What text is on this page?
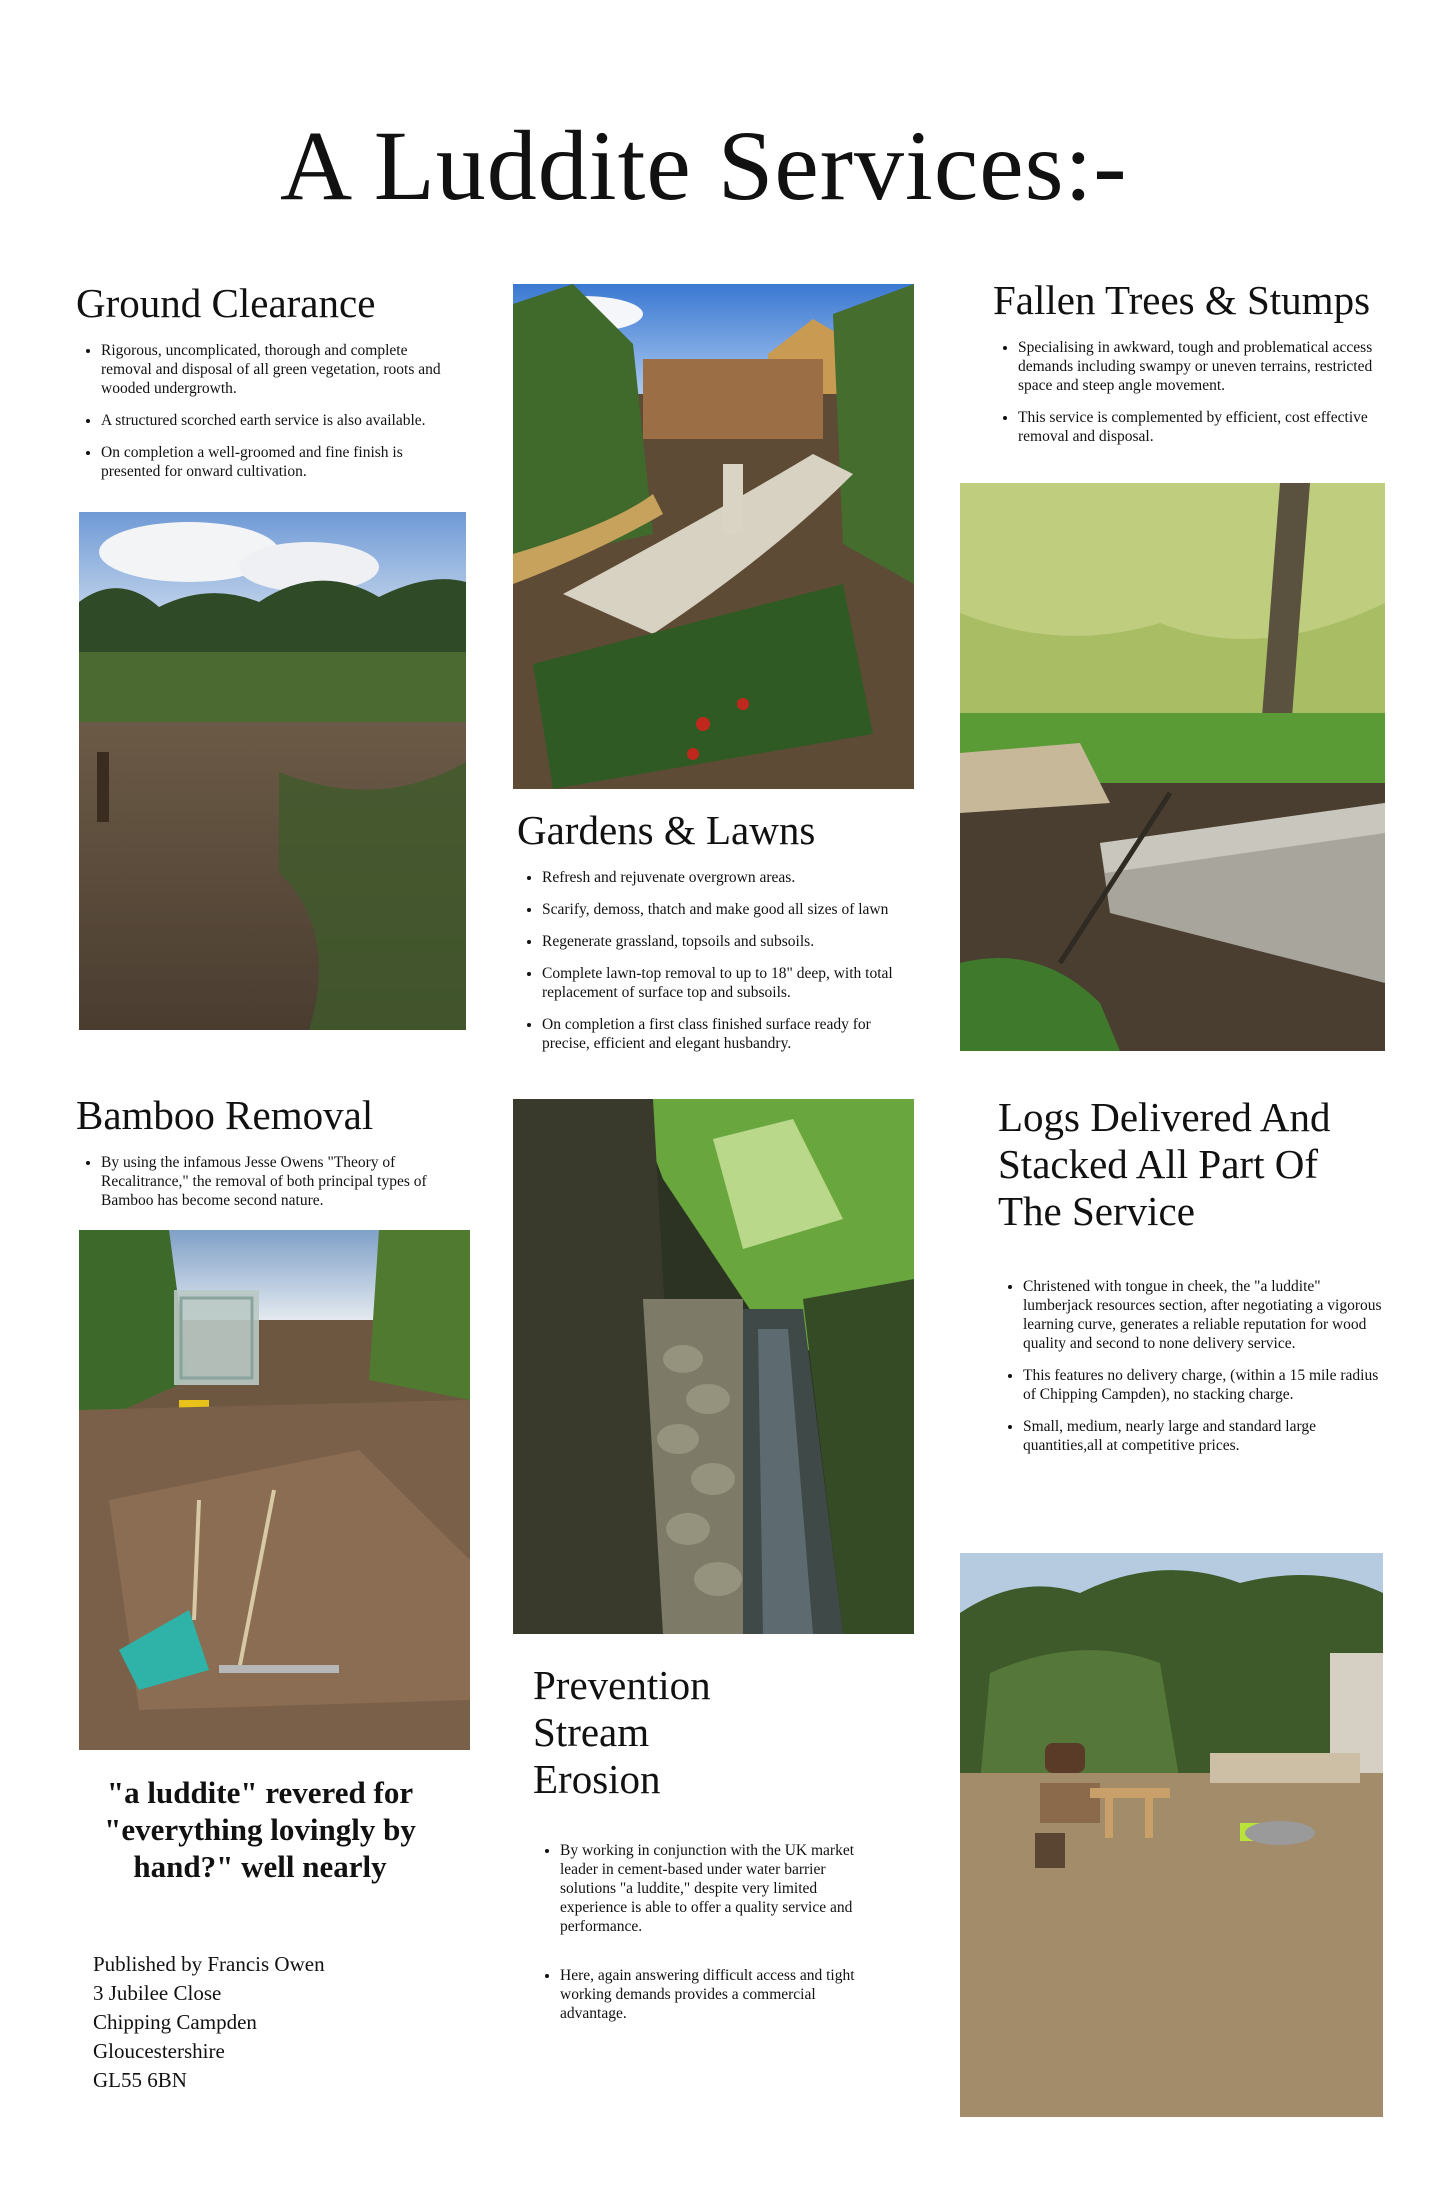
A Luddite Services:-
Ground Clearance
• Rigorous, uncomplicated, thorough and complete removal and disposal of all green vegetation, roots and wooded undergrowth.
• A structured scorched earth service is also available.
• On completion a well-groomed and fine finish is presented for onward cultivation.
Gardens & Lawns
• Refresh and rejuvenate overgrown areas.
• Scarify, demoss, thatch and make good all sizes of lawn
• Regenerate grassland, topsoils and subsoils.
• Complete lawn-top removal to up to 18" deep, with total replacement of surface top and subsoils.
• On completion a first class finished surface ready for precise, efficient and elegant husbandry.
Fallen Trees & Stumps
• Specialising in awkward, tough and problematical access demands including swampy or uneven terrains, restricted space and steep angle movement.
• This service is complemented by efficient, cost effective removal and disposal.
Bamboo Removal
• By using the infamous Jesse Owens "Theory of Recalitrance," the removal of both principal types of Bamboo has become second nature.
Prevention
Stream
Erosion
• By working in conjunction with the UK market leader in cement-based under water barrier solutions "a luddite," despite very limited experience is able to offer a quality service and performance.
• Here, again answering difficult access and tight working demands provides a commercial advantage.
Logs Delivered And
Stacked All Part Of
The Service
• Christened with tongue in cheek, the "a luddite" lumberjack resources section, after negotiating a vigorous learning curve, generates a reliable reputation for wood quality and second to none delivery service.
• This features no delivery charge, (within a 15 mile radius of Chipping Campden), no stacking charge.
• Small, medium, nearly large and standard large quantities,all at competitive prices.

"a luddite" revered for "everything lovingly by hand?" well nearly

Published by Francis Owen
3 Jubilee Close
Chipping Campden
Gloucestershire
GL55 6BN
